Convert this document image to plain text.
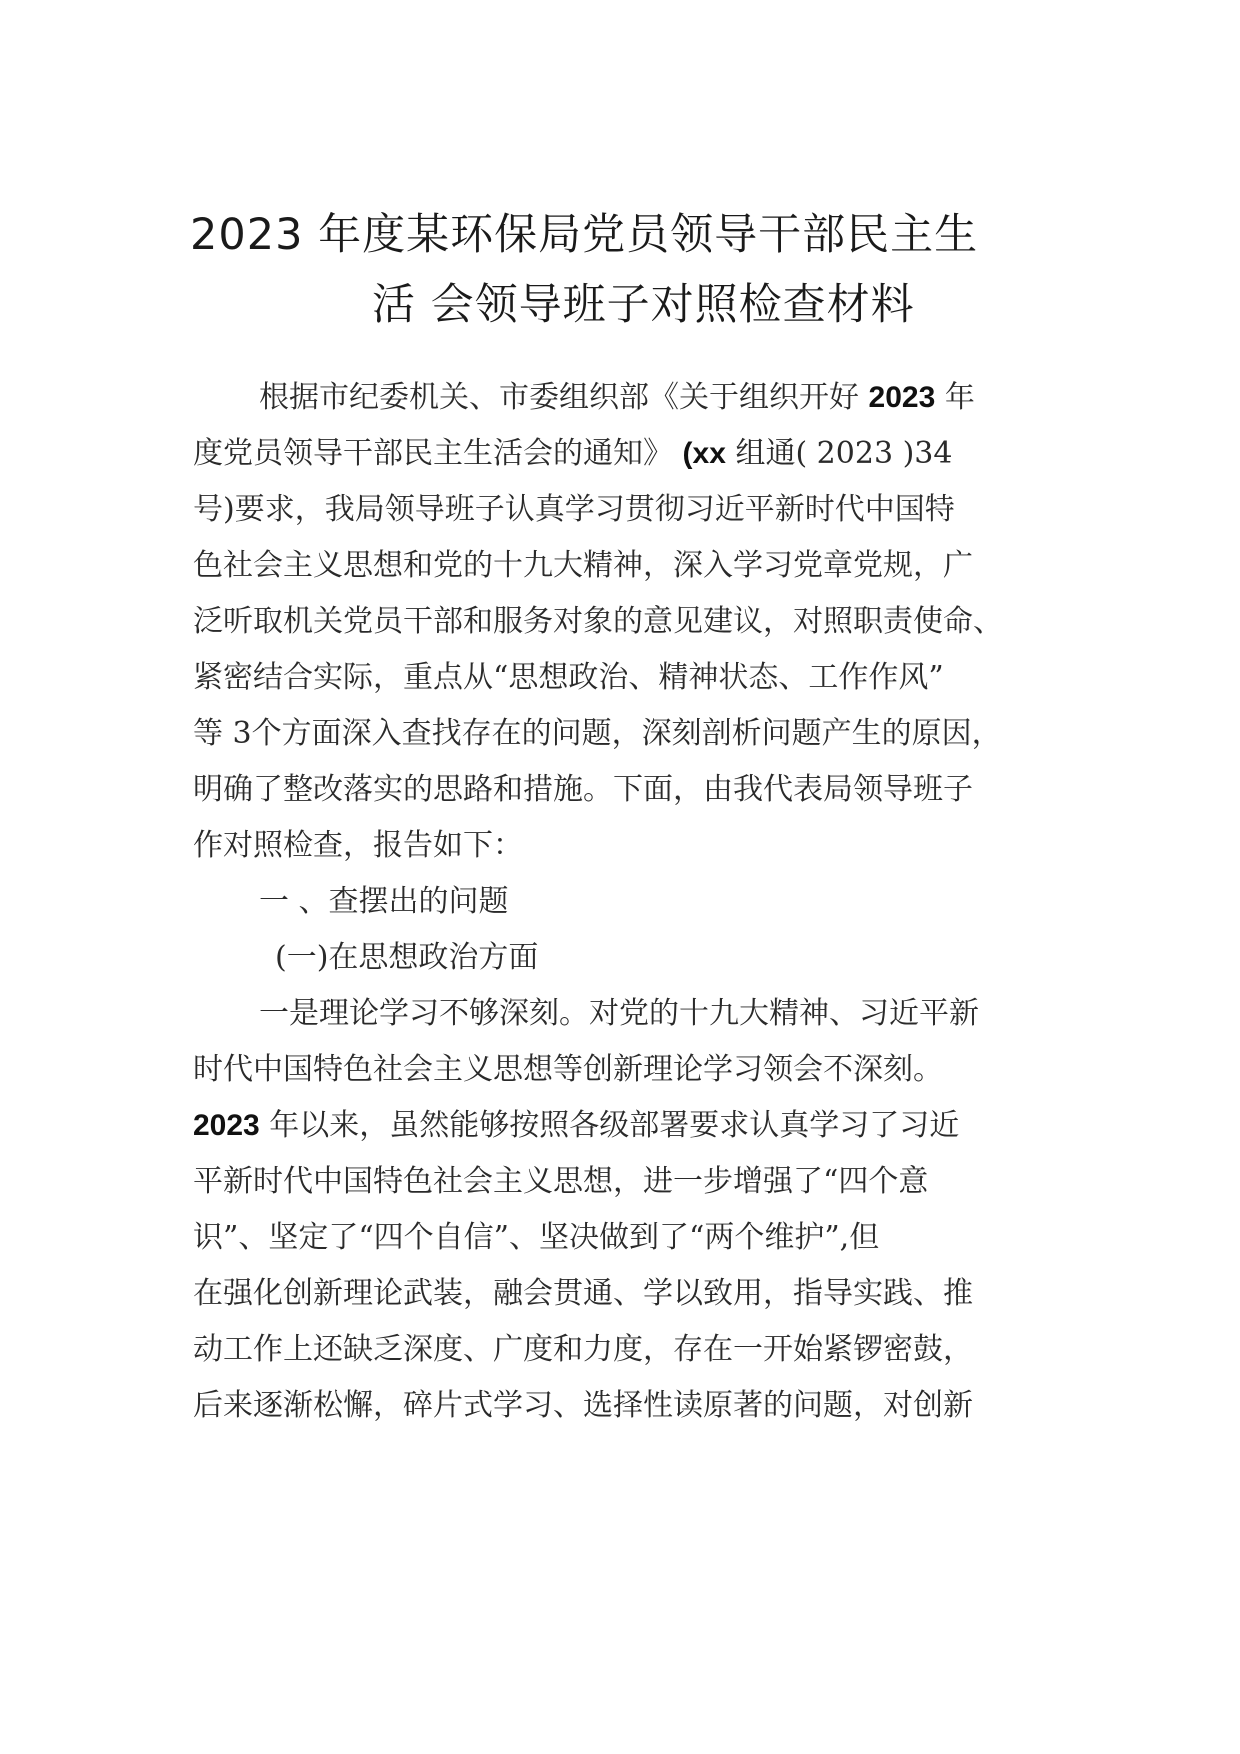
2023 年度某环保局党员领导干部民主生
活 会领导班子对照检查材料
根据市纪委机关、市委组织部《关于组织开好 2023 年
度党员领导干部民主生活会的通知》 (xx 组通( 2023 )34
号)要求，我局领导班子认真学习贯彻习近平新时代中国特
色社会主义思想和党的十九大精神，深入学习党章党规，广
泛听取机关党员干部和服务对象的意见建议，对照职责使命、
紧密结合实际，重点从“思想政治、精神状态、工作作风”
等 3个方面深入查找存在的问题，深刻剖析问题产生的原因，
明确了整改落实的思路和措施。下面，由我代表局领导班子
作对照检查，报告如下：
一 、查摆出的问题
(一)在思想政治方面
一是理论学习不够深刻。对党的十九大精神、习近平新
时代中国特色社会主义思想等创新理论学习领会不深刻。
2023 年以来，虽然能够按照各级部署要求认真学习了习近
平新时代中国特色社会主义思想，进一步增强了“四个意
识”、坚定了“四个自信”、坚决做到了“两个维护”,但
在强化创新理论武装，融会贯通、学以致用，指导实践、推
动工作上还缺乏深度、广度和力度，存在一开始紧锣密鼓，
后来逐渐松懈，碎片式学习、选择性读原著的问题，对创新
